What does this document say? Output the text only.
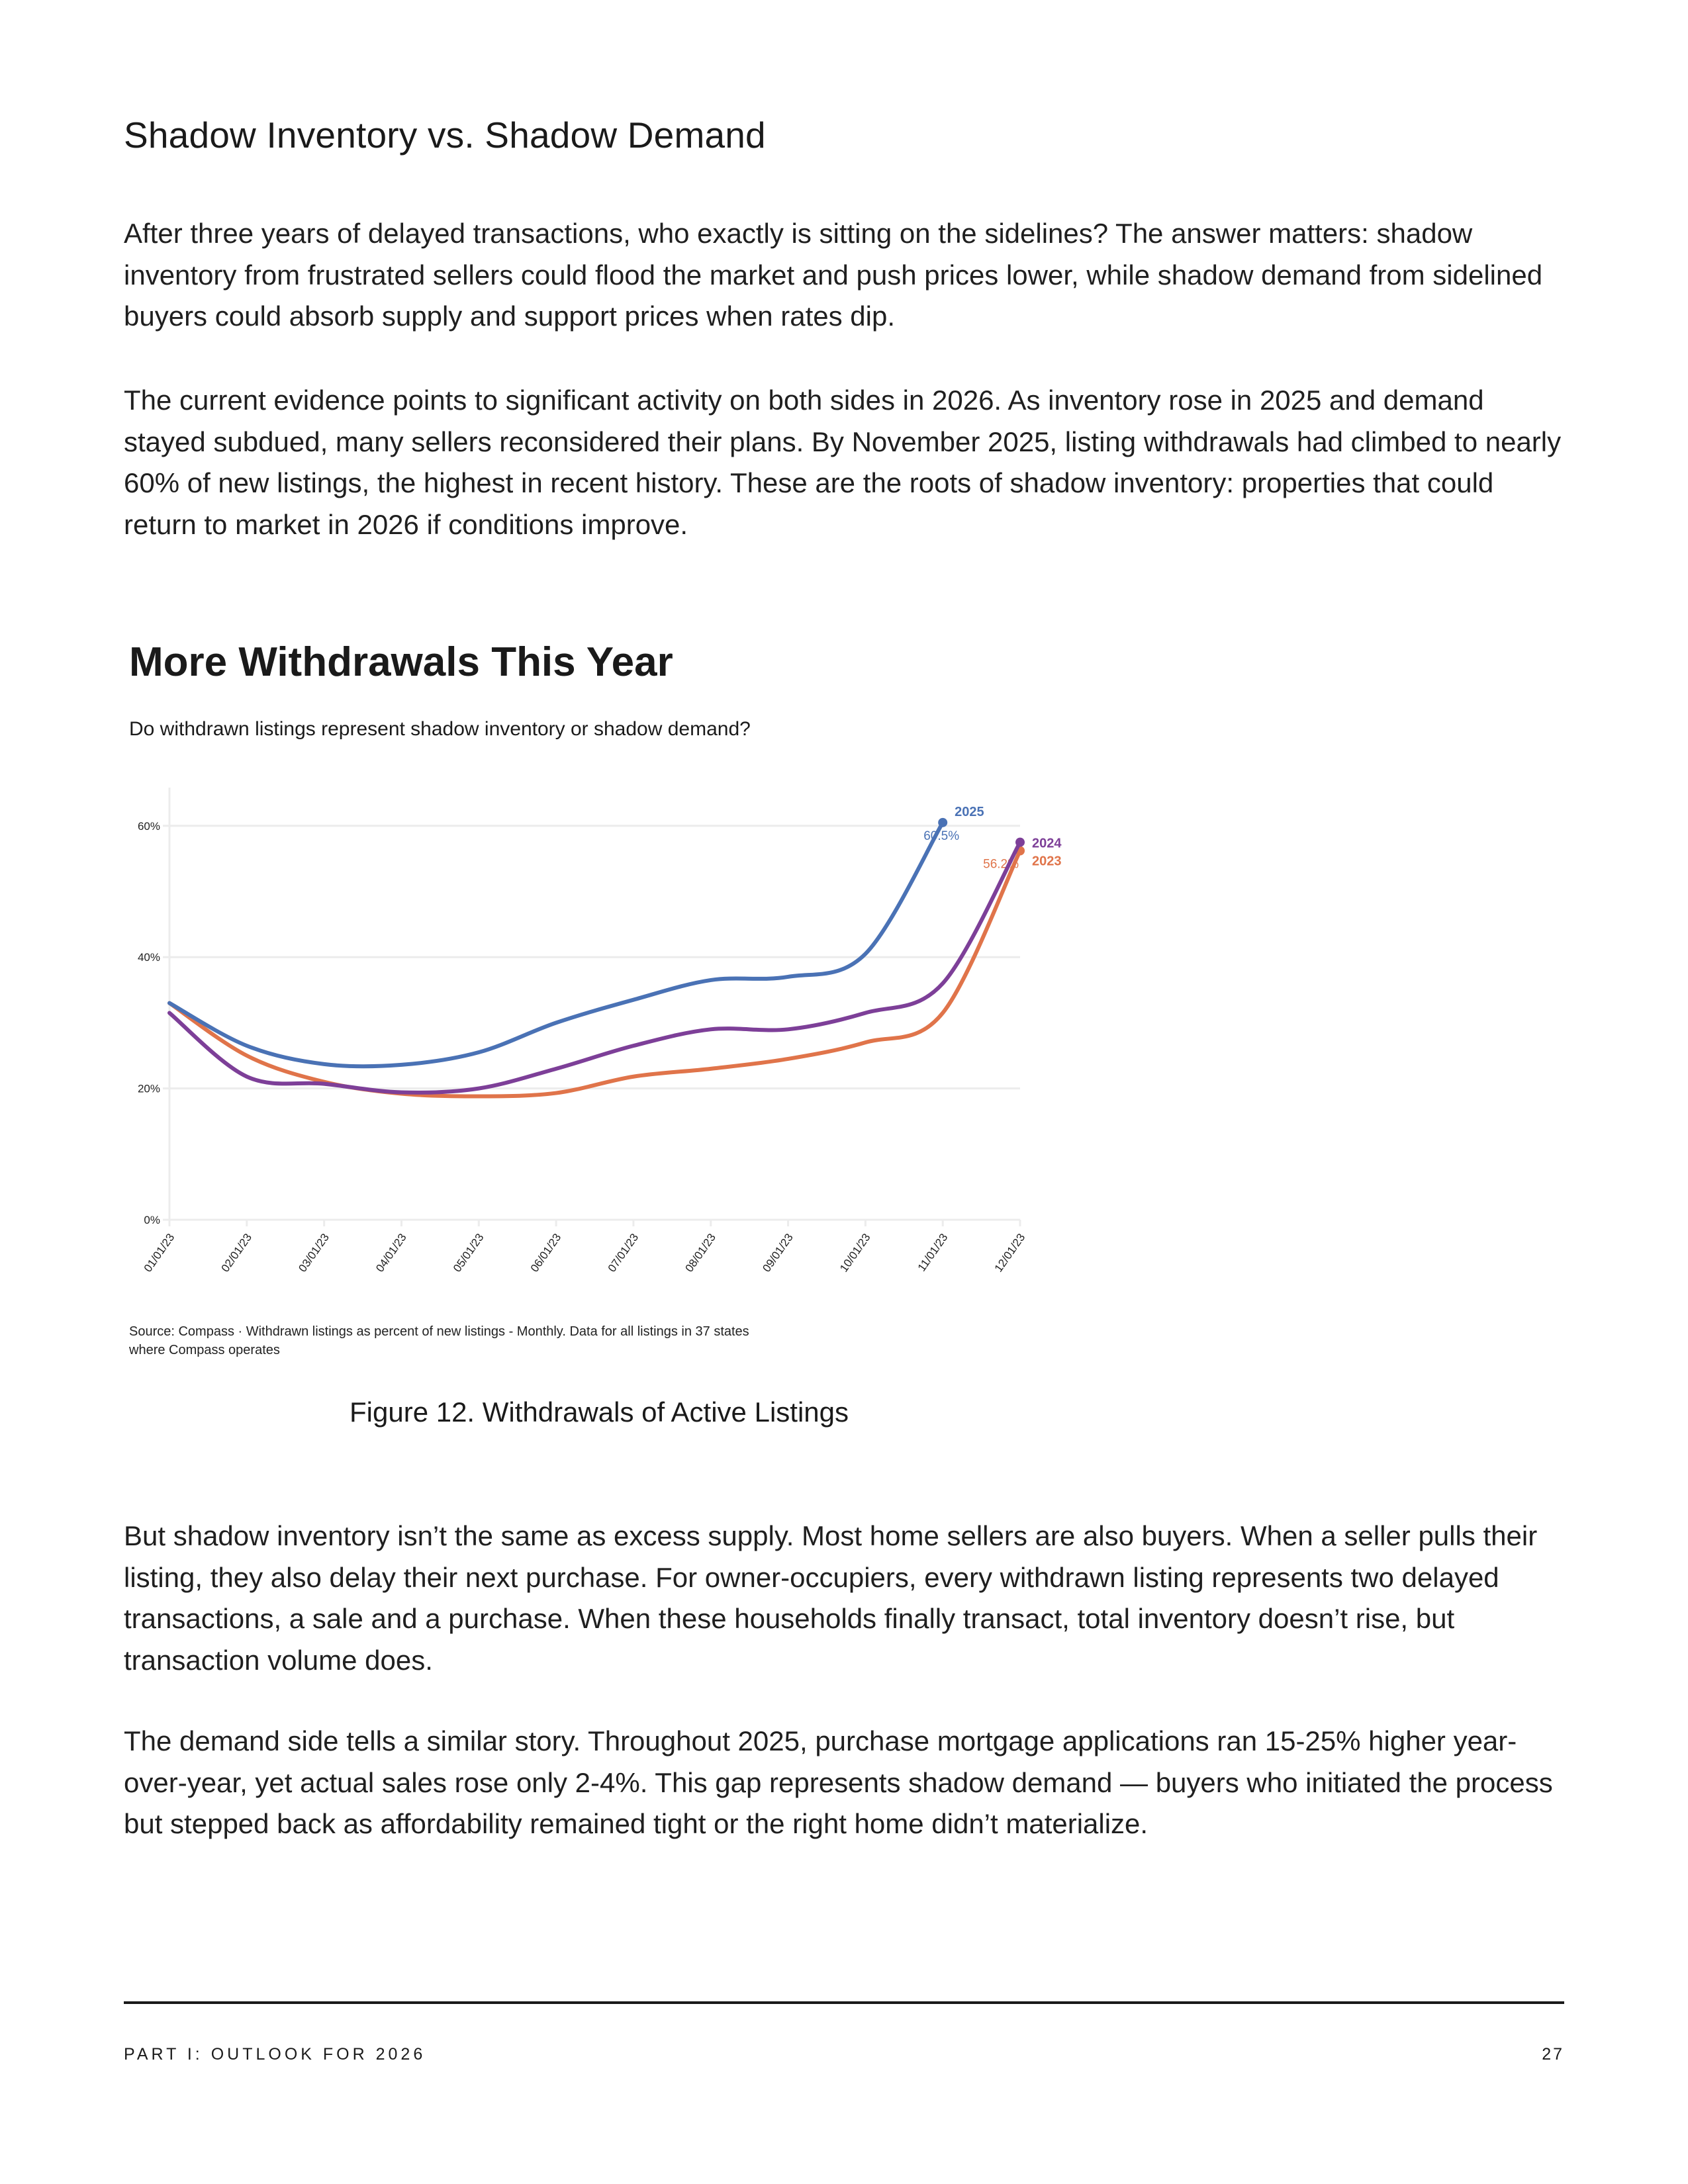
Shadow Inventory vs. Shadow Demand

After three years of delayed transactions, who exactly is sitting on the sidelines? The answer matters: shadow inventory from frustrated sellers could flood the market and push prices lower, while shadow demand from sidelined buyers could absorb supply and support prices when rates dip.

The current evidence points to significant activity on both sides in 2026. As inventory rose in 2025 and demand stayed subdued, many sellers reconsidered their plans. By November 2025, listing withdrawals had climbed to nearly 60% of new listings, the highest in recent history. These are the roots of shadow inventory: properties that could return to market in 2026 if conditions improve.

More Withdrawals This Year
Do withdrawn listings represent shadow inventory or shadow demand?
0%
20%
40%
60%
01/01/23	02/01/23	03/01/23	04/01/23	05/01/23	06/01/23	07/01/23	08/01/23	09/01/23	10/01/23	11/01/23	12/01/23
2023
56.2%
2024
2025
60.5%
Source: Compass · Withdrawn listings as percent of new listings - Monthly. Data for all listings in 37 states
where Compass operates
Figure 12. Withdrawals of Active Listings

But shadow inventory isn’t the same as excess supply. Most home sellers are also buyers. When a seller pulls their listing, they also delay their next purchase. For owner-occupiers, every withdrawn listing represents two delayed transactions, a sale and a purchase. When these households finally transact, total inventory doesn’t rise, but transaction volume does.

The demand side tells a similar story. Throughout 2025, purchase mortgage applications ran 15-25% higher year-over-year, yet actual sales rose only 2-4%. This gap represents shadow demand — buyers who initiated the process but stepped back as affordability remained tight or the right home didn’t materialize.

PART I: OUTLOOK FOR 2026	27
